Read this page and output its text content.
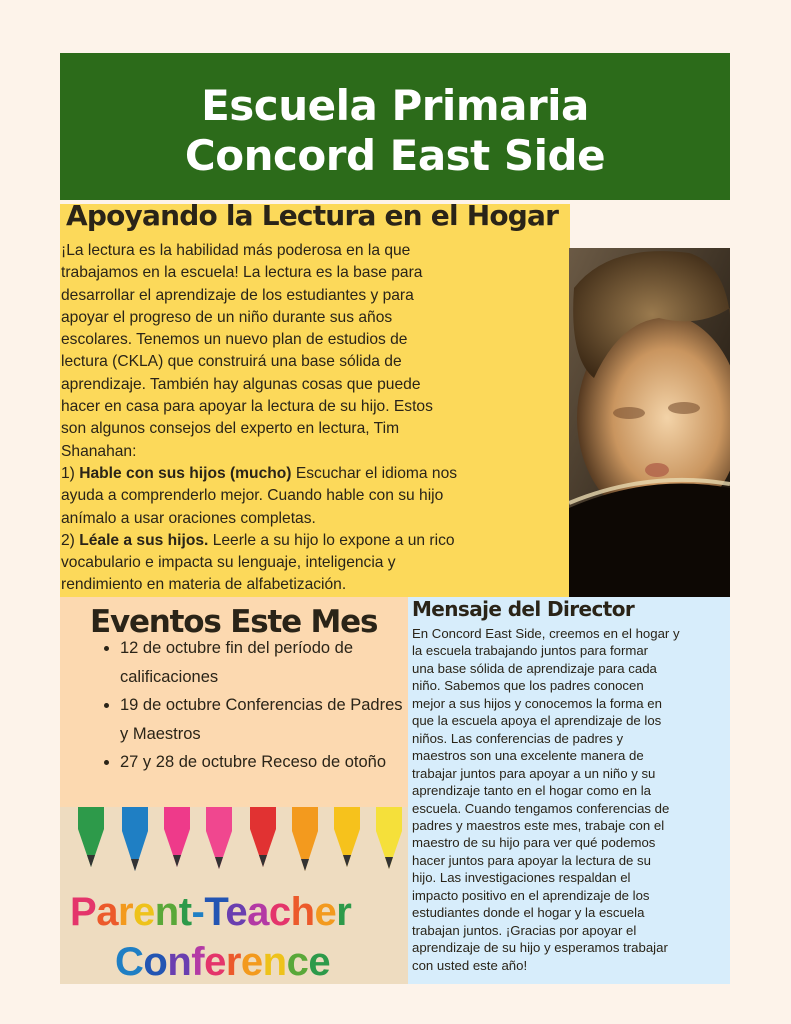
Escuela Primaria
Concord East Side
Apoyando la Lectura en el Hogar

¡La lectura es la habilidad más poderosa en la que

trabajamos en la escuela! La lectura es la base para

desarrollar el aprendizaje de los estudiantes y para

apoyar el progreso de un niño durante sus años

escolares. Tenemos un nuevo plan de estudios de

lectura (CKLA) que construirá una base sólida de

aprendizaje. También hay algunas cosas que puede

hacer en casa para apoyar la lectura de su hijo. Estos

son algunos consejos del experto en lectura, Tim

Shanahan:

1) Hable con sus hijos (mucho) Escuchar el idioma nos

ayuda a comprenderlo mejor. Cuando hable con su hijo

anímalo a usar oraciones completas.

2) Léale a sus hijos. Leerle a su hijo lo expone a un rico

vocabulario e impacta su lenguaje, inteligencia y

rendimiento en materia de alfabetización.

Eventos Este Mes
• 12 de octubre fin del período de calificaciones
• 19 de octubre Conferencias de Padres y Maestros
• 27 y 28 de octubre Receso de otoño
Parent-Teacher
Conference
Mensaje del Director
En Concord East Side, creemos en el hogar y
la escuela trabajando juntos para formar
una base sólida de aprendizaje para cada
niño. Sabemos que los padres conocen
mejor a sus hijos y conocemos la forma en
que la escuela apoya el aprendizaje de los
niños. Las conferencias de padres y
maestros son una excelente manera de
trabajar juntos para apoyar a un niño y su
aprendizaje tanto en el hogar como en la
escuela. Cuando tengamos conferencias de
padres y maestros este mes, trabaje con el
maestro de su hijo para ver qué podemos
hacer juntos para apoyar la lectura de su
hijo. Las investigaciones respaldan el
impacto positivo en el aprendizaje de los
estudiantes donde el hogar y la escuela
trabajan juntos. ¡Gracias por apoyar el
aprendizaje de su hijo y esperamos trabajar
con usted este año!
